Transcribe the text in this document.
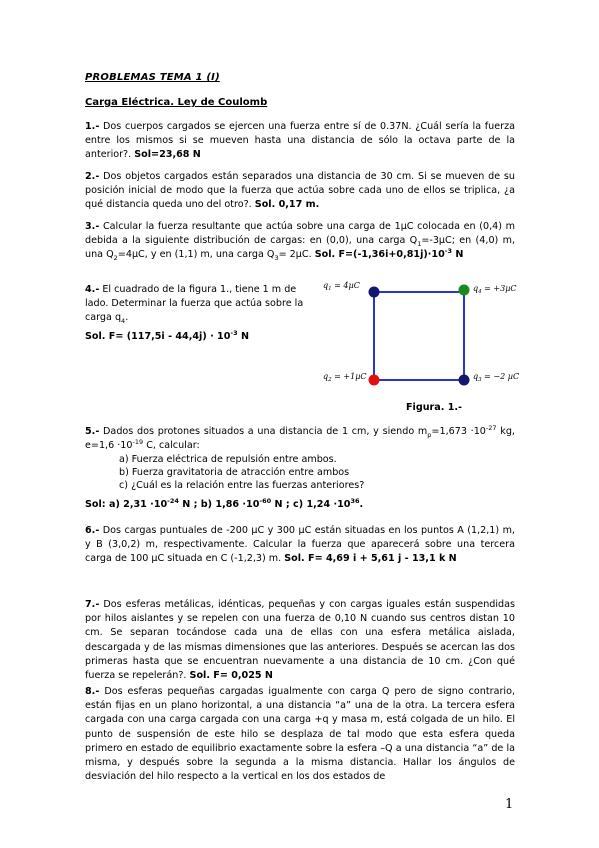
PROBLEMAS TEMA 1 (I)
Carga Eléctrica. Ley de Coulomb
1.- Dos cuerpos cargados se ejercen una fuerza entre sí de 0.37N. ¿Cuál sería la fuerza entre los mismos si se mueven hasta una distancia de sólo la octava parte de la anterior?. Sol=23,68 N
2.- Dos objetos cargados están separados una distancia de 30 cm. Si se mueven de su posición inicial de modo que la fuerza que actúa sobre cada uno de ellos se triplica, ¿a qué distancia queda uno del otro?. Sol. 0,17 m.
3.- Calcular la fuerza resultante que actúa sobre una carga de 1µC colocada en (0,4) m debida a la siguiente distribución de cargas: en (0,0), una carga $Q_1=-3\mu C$; en (4,0) m, una $Q_2=4\mu C$, y en (1,1) m, una carga $Q_3= 2\mu C$. Sol. $F=(-1,36i+0,81j)\cdot 10^{-3}$ N
4.- El cuadrado de la figura 1., tiene 1 m de lado. Determinar la fuerza que actúa sobre la carga $q_4$.
Sol. $F= (117,5i - 44,4j) \cdot 10^{-3}$ N
$q_1 = 4\mu C$	$q_4 = +3\mu C$
$q_2 = +1\mu C$	$q_3 = -2$ µC
Figura. 1.-
5.- Dados dos protones situados a una distancia de 1 cm, y siendo $m_p=1,673 \cdot 10^{-27}$ kg, $e=1,6 \cdot 10^{-19}$ C, calcular:
a) Fuerza eléctrica de repulsión entre ambos.
b) Fuerza gravitatoria de atracción entre ambos
c) ¿Cuál es la relación entre las fuerzas anteriores?
Sol: a) $2,31 \cdot 10^{-24}$ N ; b) $1,86 \cdot 10^{-60}$ N ; c) $1,24 \cdot 10^{36}$.
6.- Dos cargas puntuales de -200 µC y 300 µC están situadas en los puntos A (1,2,1) m, y B (3,0,2) m, respectivamente. Calcular la fuerza que aparecerá sobre una tercera carga de 100 µC situada en C (-1,2,3) m. Sol. F= 4,69 i + 5,61 j - 13,1 k N
7.- Dos esferas metálicas, idénticas, pequeñas y con cargas iguales están suspendidas por hilos aislantes y se repelen con una fuerza de 0,10 N cuando sus centros distan 10 cm. Se separan tocándose cada una de ellas con una esfera metálica aislada, descargada y de las mismas dimensiones que las anteriores. Después se acercan las dos primeras hasta que se encuentran nuevamente a una distancia de 10 cm. ¿Con qué fuerza se repelerán?. Sol. F= 0,025 N
8.- Dos esferas pequeñas cargadas igualmente con carga Q pero de signo contrario, están fijas en un plano horizontal, a una distancia “a” una de la otra. La tercera esfera cargada con una carga cargada con una carga +q y masa m, está colgada de un hilo. El punto de suspensión de este hilo se desplaza de tal modo que esta esfera queda primero en estado de equilibrio exactamente sobre la esfera –Q a una distancia “a” de la misma, y después sobre la segunda a la misma distancia. Hallar los ángulos de desviación del hilo respecto a la vertical en los dos estados de
1
